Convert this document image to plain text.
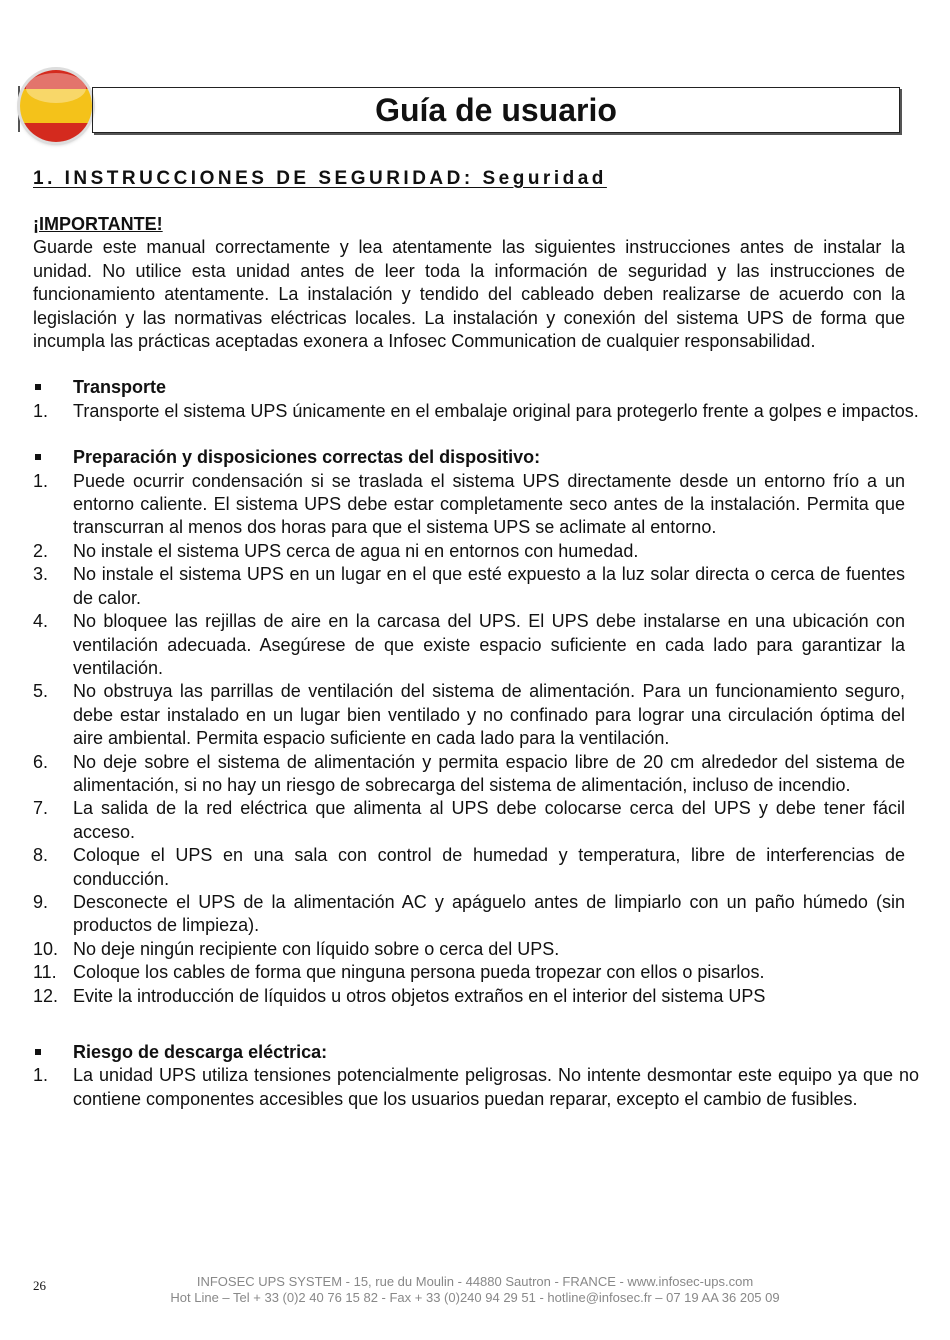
Guía de usuario
1. INSTRUCCIONES DE SEGURIDAD: Seguridad
¡IMPORTANTE!
Guarde este manual correctamente y lea atentamente las siguientes instrucciones antes de instalar la unidad. No utilice esta unidad antes de leer toda la información de seguridad y las instrucciones de funcionamiento atentamente. La instalación y tendido del cableado deben realizarse de acuerdo con la legislación y las normativas eléctricas locales. La instalación y conexión del sistema UPS de forma que incumpla las prácticas aceptadas exonera a Infosec Communication de cualquier responsabilidad.
Transporte
1. Transporte el sistema UPS únicamente en el embalaje original para protegerlo frente a golpes e impactos.
Preparación y disposiciones correctas del dispositivo:
1. Puede ocurrir condensación si se traslada el sistema UPS directamente desde un entorno frío a un entorno caliente. El sistema UPS debe estar completamente seco antes de la instalación. Permita que transcurran al menos dos horas para que el sistema UPS se aclimate al entorno.
2. No instale el sistema UPS cerca de agua ni en entornos con humedad.
3. No instale el sistema UPS en un lugar en el que esté expuesto a la luz solar directa o cerca de fuentes de calor.
4. No bloquee las rejillas de aire en la carcasa del UPS. El UPS debe instalarse en una ubicación con ventilación adecuada. Asegúrese de que existe espacio suficiente en cada lado para garantizar la ventilación.
5. No obstruya las parrillas de ventilación del sistema de alimentación. Para un funcionamiento seguro, debe estar instalado en un lugar bien ventilado y no confinado para lograr una circulación óptima del aire ambiental. Permita espacio suficiente en cada lado para la ventilación.
6. No deje sobre el sistema de alimentación y permita espacio libre de 20 cm alrededor del sistema de alimentación, si no hay un riesgo de sobrecarga del sistema de alimentación, incluso de incendio.
7. La salida de la red eléctrica que alimenta al UPS debe colocarse cerca del UPS y debe tener fácil acceso.
8. Coloque el UPS en una sala con control de humedad y temperatura, libre de interferencias de conducción.
9. Desconecte el UPS de la alimentación AC y apáguelo antes de limpiarlo con un paño húmedo (sin productos de limpieza).
10. No deje ningún recipiente con líquido sobre o cerca del UPS.
11. Coloque los cables de forma que ninguna persona pueda tropezar con ellos o pisarlos.
12. Evite la introducción de líquidos u otros objetos extraños en el interior del sistema UPS
Riesgo de descarga eléctrica:
1. La unidad UPS utiliza tensiones potencialmente peligrosas. No intente desmontar este equipo ya que no contiene componentes accesibles que los usuarios puedan reparar, excepto el cambio de fusibles.
26	INFOSEC UPS SYSTEM - 15, rue du Moulin - 44880 Sautron - FRANCE - www.infosec-ups.com
Hot Line – Tel + 33 (0)2 40 76 15 82 - Fax + 33 (0)240 94 29 51 - hotline@infosec.fr – 07 19 AA 36 205 09
